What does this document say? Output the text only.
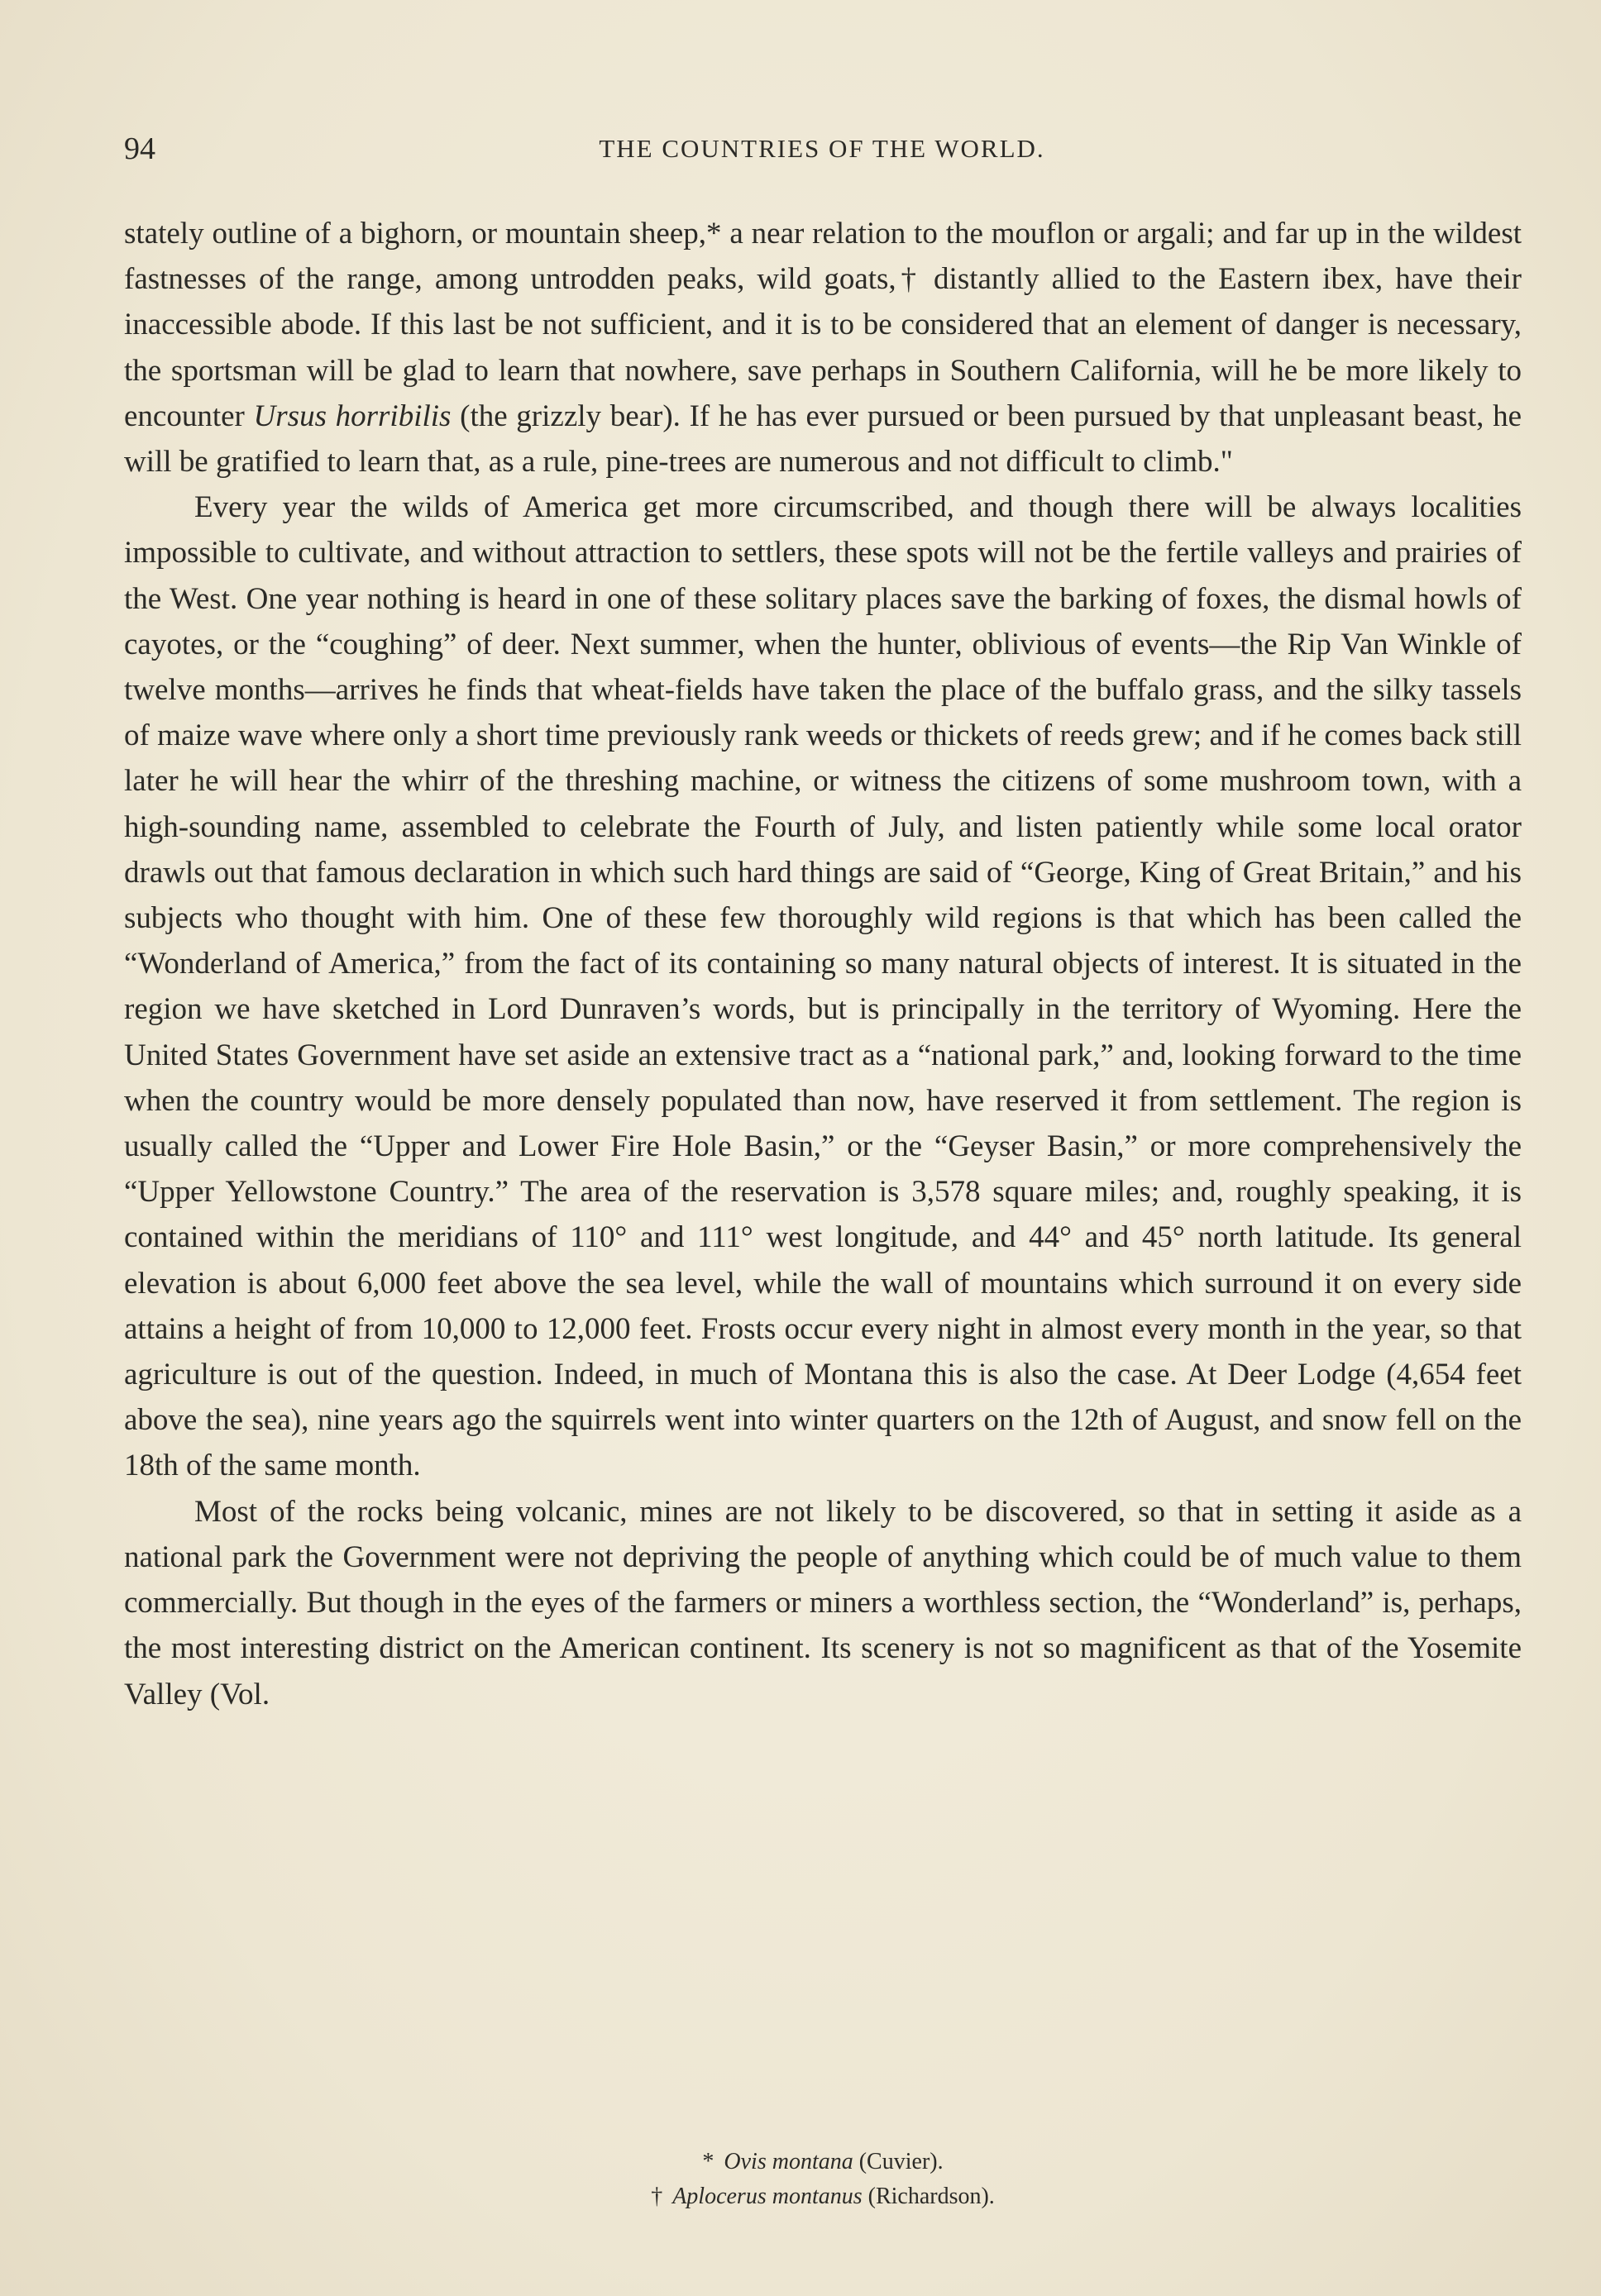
94	THE COUNTRIES OF THE WORLD.

stately outline of a bighorn, or mountain sheep,* a near relation to the mouflon or argali; and far up in the wildest fastnesses of the range, among untrodden peaks, wild goats,† distantly allied to the Eastern ibex, have their inaccessible abode. If this last be not sufficient, and it is to be considered that an element of danger is necessary, the sportsman will be glad to learn that nowhere, save perhaps in Southern California, will he be more likely to encounter Ursus horribilis (the grizzly bear). If he has ever pursued or been pursued by that unpleasant beast, he will be gratified to learn that, as a rule, pine-trees are numerous and not difficult to climb."

Every year the wilds of America get more circumscribed, and though there will be always localities impossible to cultivate, and without attraction to settlers, these spots will not be the fertile valleys and prairies of the West. One year nothing is heard in one of these solitary places save the barking of foxes, the dismal howls of cayotes, or the “coughing” of deer. Next summer, when the hunter, oblivious of events—the Rip Van Winkle of twelve months—arrives he finds that wheat-fields have taken the place of the buffalo grass, and the silky tassels of maize wave where only a short time previously rank weeds or thickets of reeds grew; and if he comes back still later he will hear the whirr of the threshing machine, or witness the citizens of some mushroom town, with a high-sounding name, assembled to celebrate the Fourth of July, and listen patiently while some local orator drawls out that famous declaration in which such hard things are said of “George, King of Great Britain,” and his subjects who thought with him. One of these few thoroughly wild regions is that which has been called the “Wonderland of America,” from the fact of its containing so many natural objects of interest. It is situated in the region we have sketched in Lord Dunraven’s words, but is principally in the territory of Wyoming. Here the United States Government have set aside an extensive tract as a “national park,” and, looking forward to the time when the country would be more densely populated than now, have reserved it from settlement. The region is usually called the “Upper and Lower Fire Hole Basin,” or the “Geyser Basin,” or more comprehensively the “Upper Yellowstone Country.” The area of the reservation is 3,578 square miles; and, roughly speaking, it is contained within the meridians of 110° and 111° west longitude, and 44° and 45° north latitude. Its general elevation is about 6,000 feet above the sea level, while the wall of mountains which surround it on every side attains a height of from 10,000 to 12,000 feet. Frosts occur every night in almost every month in the year, so that agriculture is out of the question. Indeed, in much of Montana this is also the case. At Deer Lodge (4,654 feet above the sea), nine years ago the squirrels went into winter quarters on the 12th of August, and snow fell on the 18th of the same month.

Most of the rocks being volcanic, mines are not likely to be discovered, so that in setting it aside as a national park the Government were not depriving the people of anything which could be of much value to them commercially. But though in the eyes of the farmers or miners a worthless section, the “Wonderland” is, perhaps, the most interesting district on the American continent. Its scenery is not so magnificent as that of the Yosemite Valley (Vol.

* Ovis montana (Cuvier).

† Aplocerus montanus (Richardson).
